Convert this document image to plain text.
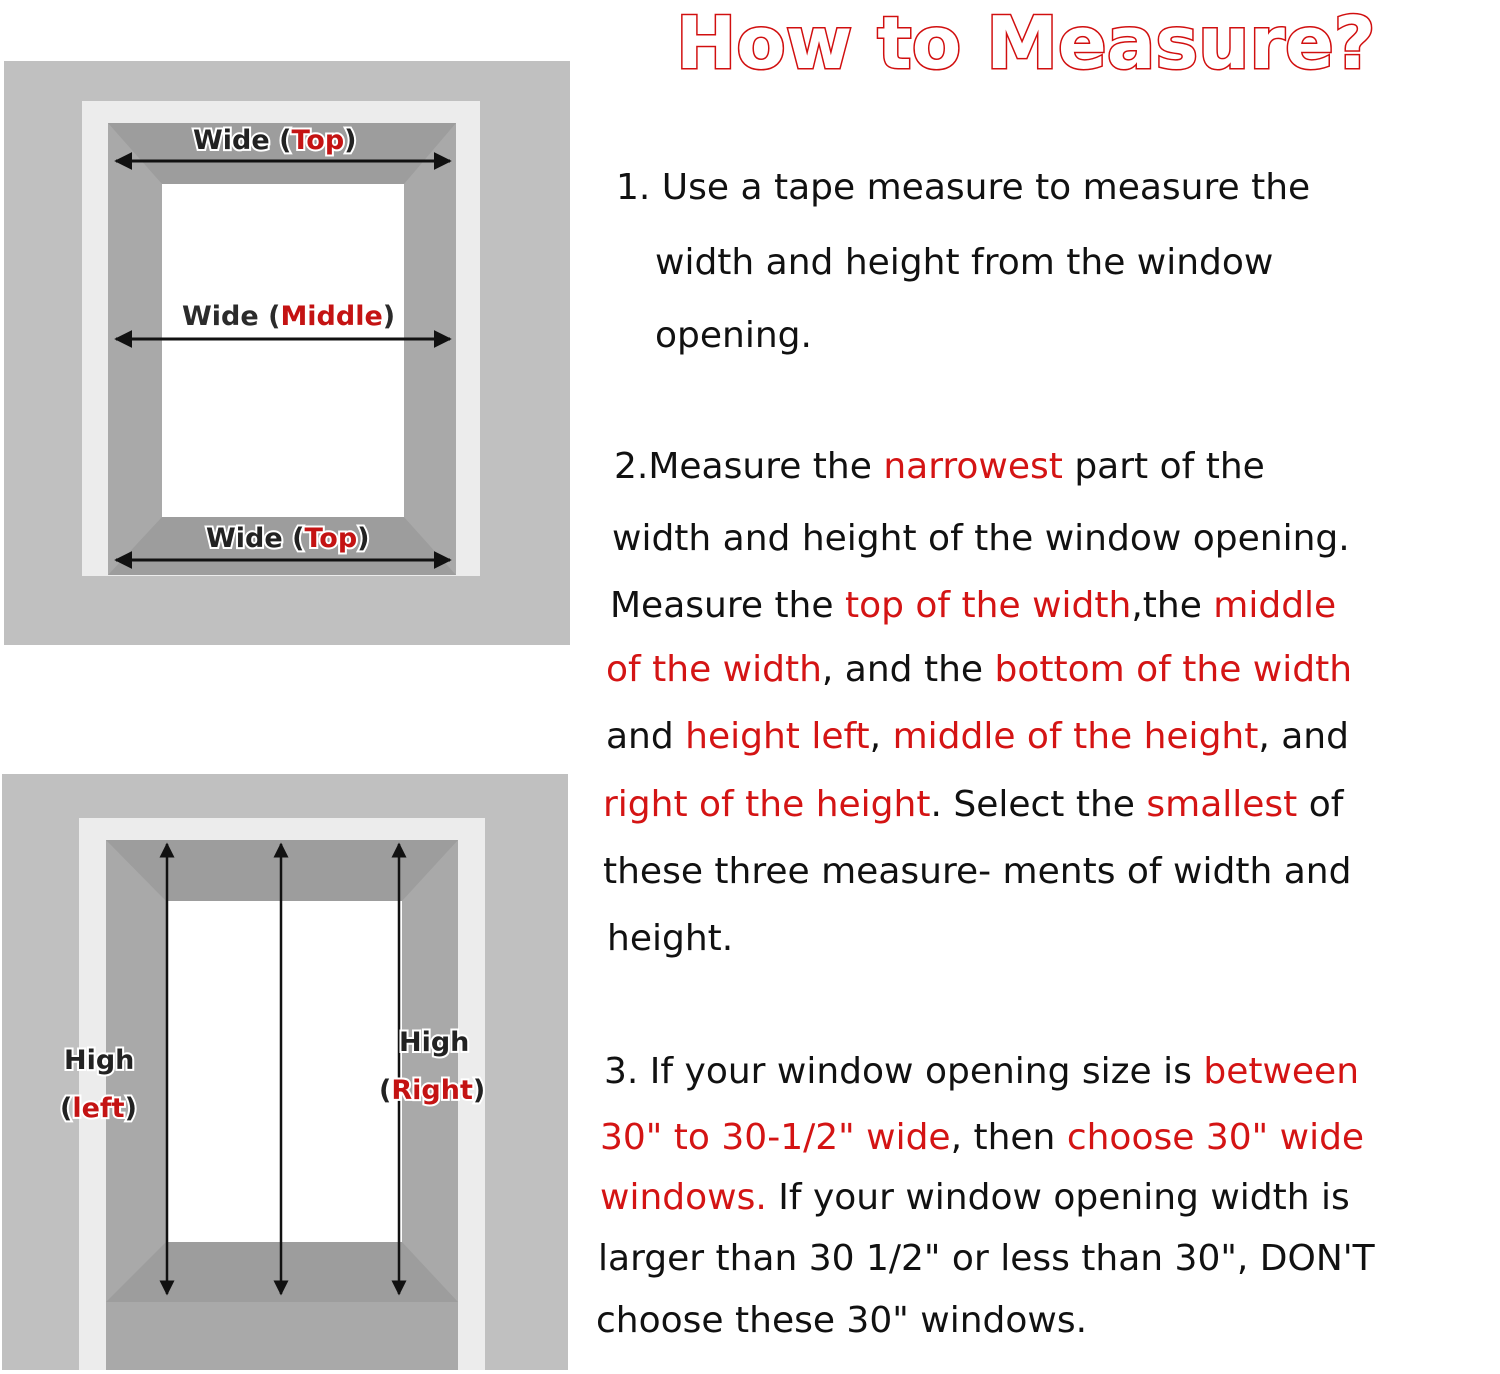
How to Measure?
Wide (Top)
Wide (Middle)
Wide (Top)
High
(left)
High
(Right)
1. Use a tape measure to measure the
width and height from the window
opening.
2.Measure the narrowest part of the
width and height of the window opening.
Measure the top of the width,the middle
of the width, and the bottom of the width
and height left, middle of the height, and
right of the height. Select the smallest of
these three measure- ments of width and
height.
3. If your window opening size is between
30" to 30-1/2" wide, then choose 30" wide
windows. If your window opening width is
larger than 30 1/2" or less than 30", DON'T
choose these 30" windows.
